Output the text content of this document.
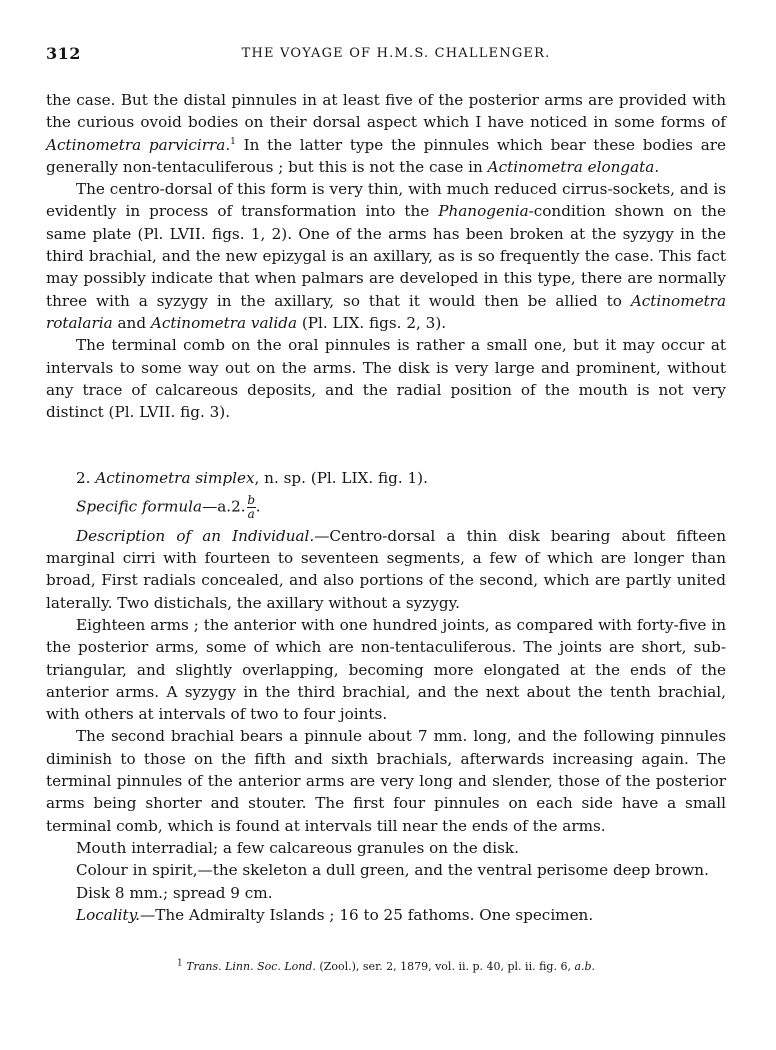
312	THE VOYAGE OF H.M.S. CHALLENGER.

the case. But the distal pinnules in at least five of the posterior arms are provided with the curious ovoid bodies on their dorsal aspect which I have noticed in some forms of Actinometra parvicirra.$^1$ In the latter type the pinnules which bear these bodies are generally non-tentaculiferous ; but this is not the case in Actinometra elongata.

The centro-dorsal of this form is very thin, with much reduced cirrus-sockets, and is evidently in process of transformation into the Phanogenia-condition shown on the same plate (Pl. LVII. figs. 1, 2). One of the arms has been broken at the syzygy in the third brachial, and the new epizygal is an axillary, as is so frequently the case. This fact may possibly indicate that when palmars are developed in this type, there are normally three with a syzygy in the axillary, so that it would then be allied to Actinometra rotalaria and Actinometra valida (Pl. LIX. figs. 2, 3).

The terminal comb on the oral pinnules is rather a small one, but it may occur at intervals to some way out on the arms. The disk is very large and prominent, without any trace of calcareous deposits, and the radial position of the mouth is not very distinct (Pl. LVII. fig. 3).

2. Actinometra simplex, n. sp. (Pl. LIX. fig. 1).

Specific formula—a.2. $\frac{b}{a}$ .

Description of an Individual.—Centro-dorsal a thin disk bearing about fifteen marginal cirri with fourteen to seventeen segments, a few of which are longer than broad, First radials concealed, and also portions of the second, which are partly united laterally. Two distichals, the axillary without a syzygy.

Eighteen arms ; the anterior with one hundred joints, as compared with forty-five in the posterior arms, some of which are non-tentaculiferous. The joints are short, sub-triangular, and slightly overlapping, becoming more elongated at the ends of the anterior arms. A syzygy in the third brachial, and the next about the tenth brachial, with others at intervals of two to four joints.

The second brachial bears a pinnule about 7 mm. long, and the following pinnules diminish to those on the fifth and sixth brachials, afterwards increasing again. The terminal pinnules of the anterior arms are very long and slender, those of the posterior arms being shorter and stouter. The first four pinnules on each side have a small terminal comb, which is found at intervals till near the ends of the arms.

Mouth interradial; a few calcareous granules on the disk.

Colour in spirit,—the skeleton a dull green, and the ventral perisome deep brown.

Disk 8 mm.; spread 9 cm.

Locality.—The Admiralty Islands ; 16 to 25 fathoms. One specimen.

$^1$ Trans. Linn. Soc. Lond. (Zool.), ser. 2, 1879, vol. ii. p. 40, pl. ii. fig. 6, a.b.
